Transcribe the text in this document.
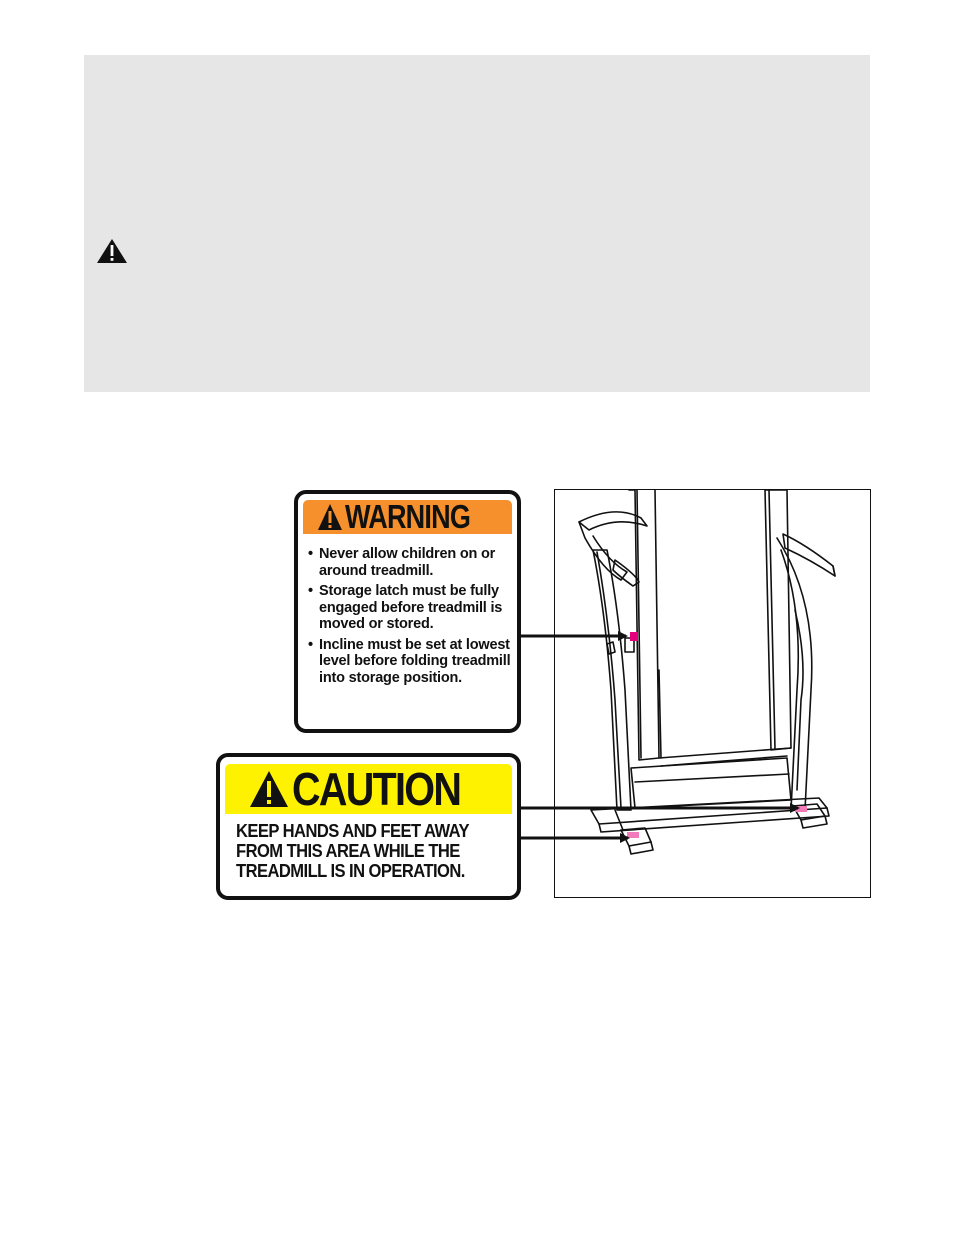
WARNING
• Never allow children on or around treadmill.
• Storage latch must be fully engaged before treadmill is moved or stored.
• Incline must be set at lowest level before folding treadmill into storage position.
CAUTION
KEEP HANDS AND FEET AWAY
FROM THIS AREA WHILE THE
TREADMILL IS IN OPERATION.
